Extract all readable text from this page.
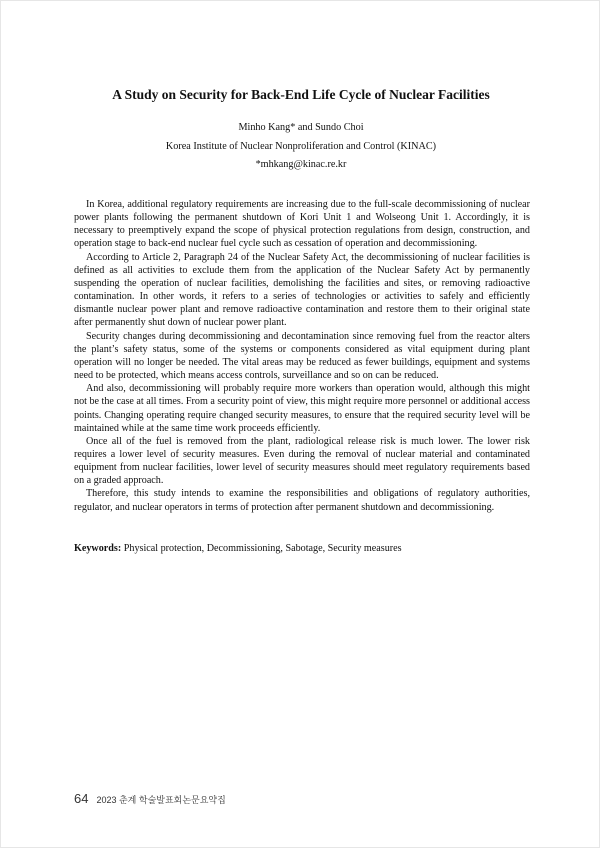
A Study on Security for Back-End Life Cycle of Nuclear Facilities

Minho Kang* and Sundo Choi

Korea Institute of Nuclear Nonproliferation and Control (KINAC)

*mhkang@kinac.re.kr

In Korea, additional regulatory requirements are increasing due to the full-scale decommissioning of nuclear power plants following the permanent shutdown of Kori Unit 1 and Wolseong Unit 1. Accordingly, it is necessary to preemptively expand the scope of physical protection regulations from design, construction, and operation stage to back-end nuclear fuel cycle such as cessation of operation and decommissioning.

According to Article 2, Paragraph 24 of the Nuclear Safety Act, the decommissioning of nuclear facilities is defined as all activities to exclude them from the application of the Nuclear Safety Act by permanently suspending the operation of nuclear facilities, demolishing the facilities and sites, or removing radioactive contamination. In other words, it refers to a series of technologies or activities to safely and efficiently dismantle nuclear power plant and remove radioactive contamination and restore them to their original state after permanently shut down of nuclear power plant.

Security changes during decommissioning and decontamination since removing fuel from the reactor alters the plant’s safety status, some of the systems or components considered as vital equipment during plant operation will no longer be needed. The vital areas may be reduced as fewer buildings, equipment and systems need to be protected, which means access controls, surveillance and so on can be reduced.

And also, decommissioning will probably require more workers than operation would, although this might not be the case at all times. From a security point of view, this might require more personnel or additional access points. Changing operating require changed security measures, to ensure that the required security level will be maintained while at the same time work proceeds efficiently.

Once all of the fuel is removed from the plant, radiological release risk is much lower. The lower risk requires a lower level of security measures. Even during the removal of nuclear material and contaminated equipment from nuclear facilities, lower level of security measures should meet regulatory requirements based on a graded approach.

Therefore, this study intends to examine the responsibilities and obligations of regulatory authorities, regulator, and nuclear operators in terms of protection after permanent shutdown and decommissioning.

Keywords: Physical protection, Decommissioning, Sabotage, Security measures

64 2023 춘계 학술발표회논문요약집
